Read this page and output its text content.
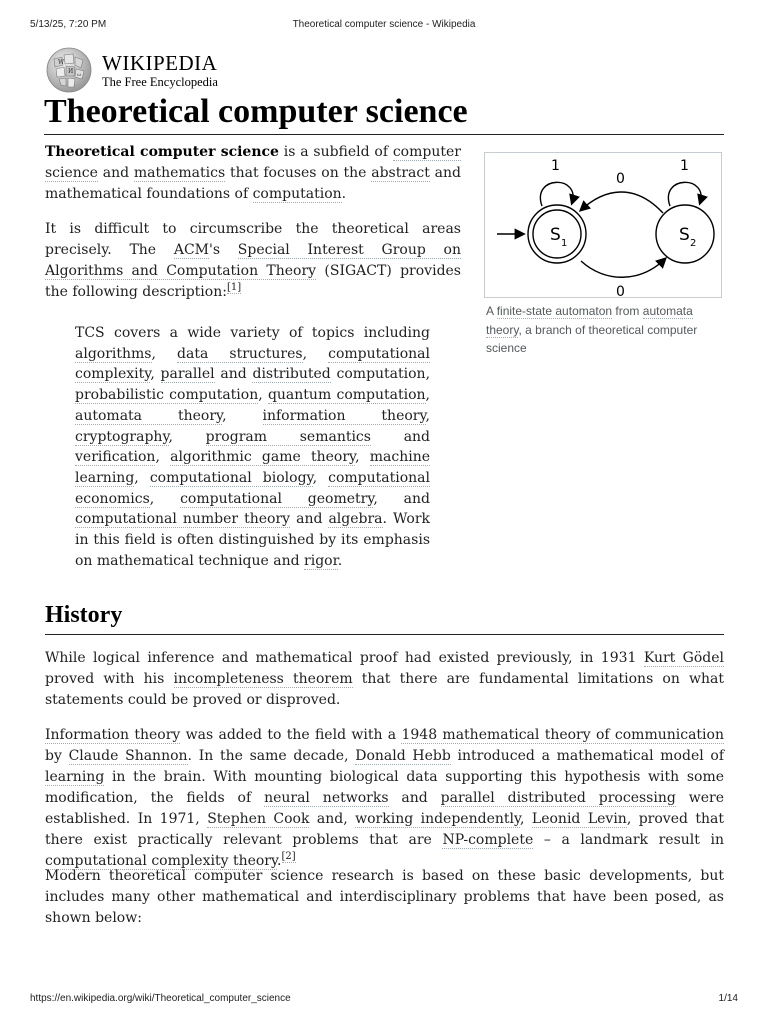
5/13/25, 7:20 PM	Theoretical computer science - Wikipedia
W
И ω WIKIPEDIA
The Free Encyclopedia
Theoretical computer science

Theoretical computer science is a subfield of computer science and mathematics that focuses on the abstract and mathematical foundations of computation.

It is difficult to circumscribe the theoretical areas precisely. The ACM's Special Interest Group on Algorithms and Computation Theory (SIGACT) provides the following description:[1]

TCS covers a wide variety of topics including algorithms, data structures, computational complexity, parallel and distributed computation, probabilistic computation, quantum computation, automata theory, information theory, cryptography, program semantics and verification, algorithmic game theory, machine learning, computational biology, computational economics, computational geometry, and computational number theory and algebra. Work in this field is often distinguished by its emphasis on mathematical technique and rigor.
S 1	S 2
1	1
0
0
A finite-state automaton from automata theory, a branch of theoretical computer science
History

While logical inference and mathematical proof had existed previously, in 1931 Kurt Gödel proved with his incompleteness theorem that there are fundamental limitations on what statements could be proved or disproved.

Information theory was added to the field with a 1948 mathematical theory of communication by Claude Shannon. In the same decade, Donald Hebb introduced a mathematical model of learning in the brain. With mounting biological data supporting this hypothesis with some modification, the fields of neural networks and parallel distributed processing were established. In 1971, Stephen Cook and, working independently, Leonid Levin, proved that there exist practically relevant problems that are NP-complete – a landmark result in computational complexity theory.[2]

Modern theoretical computer science research is based on these basic developments, but includes many other mathematical and interdisciplinary problems that have been posed, as shown below:

https://en.wikipedia.org/wiki/Theoretical_computer_science	1/14
